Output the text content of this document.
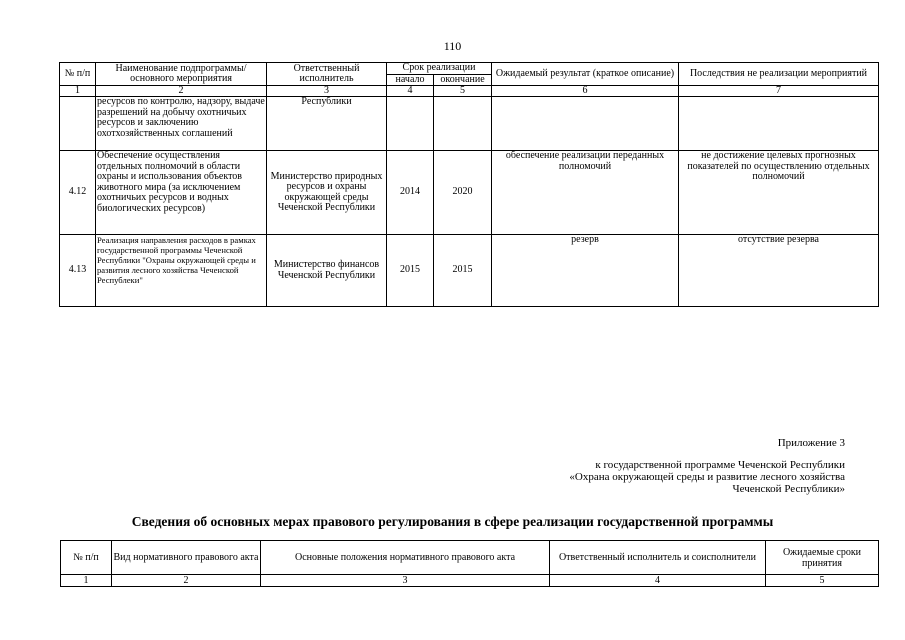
110
№ п/п	Наименование подпрограммы/ основного мероприятия	Ответственный исполнитель	Срок реализации		Ожидаемый результат (краткое описание)	Последствия не реализации мероприятий
			начало	окончание		
1	2	3	4	5	6	7
	ресурсов по контролю, надзору, выдаче разрешений на добычу охотничьих ресурсов и заключению охотхозяйственных соглашений	Республики				
4.12	Обеспечение осуществления отдельных полномочий в области охраны и использования объектов животного мира (за исключением охотничьих ресурсов и водных биологических ресурсов)	Министерство природных ресурсов и охраны окружающей среды Чеченской Республики	2014	2020	обеспечение реализации переданных полномочий	не достижение целевых прогнозных показателей по осуществлению отдельных полномочий
4.13	Реализация направления расходов в рамках государственной программы Чеченской Республики "Охраны окружающей среды и развития лесного хозяйства Чеченской Республеки"	Министерство финансов Чеченской Республики	2015	2015	резерв	отсутствие резерва
Приложение 3
к государственной программе Чеченской Республики
«Охрана окружающей среды и развитие лесного хозяйства
Чеченской Республики»
Сведения об основных мерах правового регулирования в сфере реализации государственной программы
№ п/п	Вид нормативного правового акта	Основные положения нормативного правового акта	Ответственный исполнитель и соисполнители	Ожидаемые сроки принятия
1	2	3	4	5
